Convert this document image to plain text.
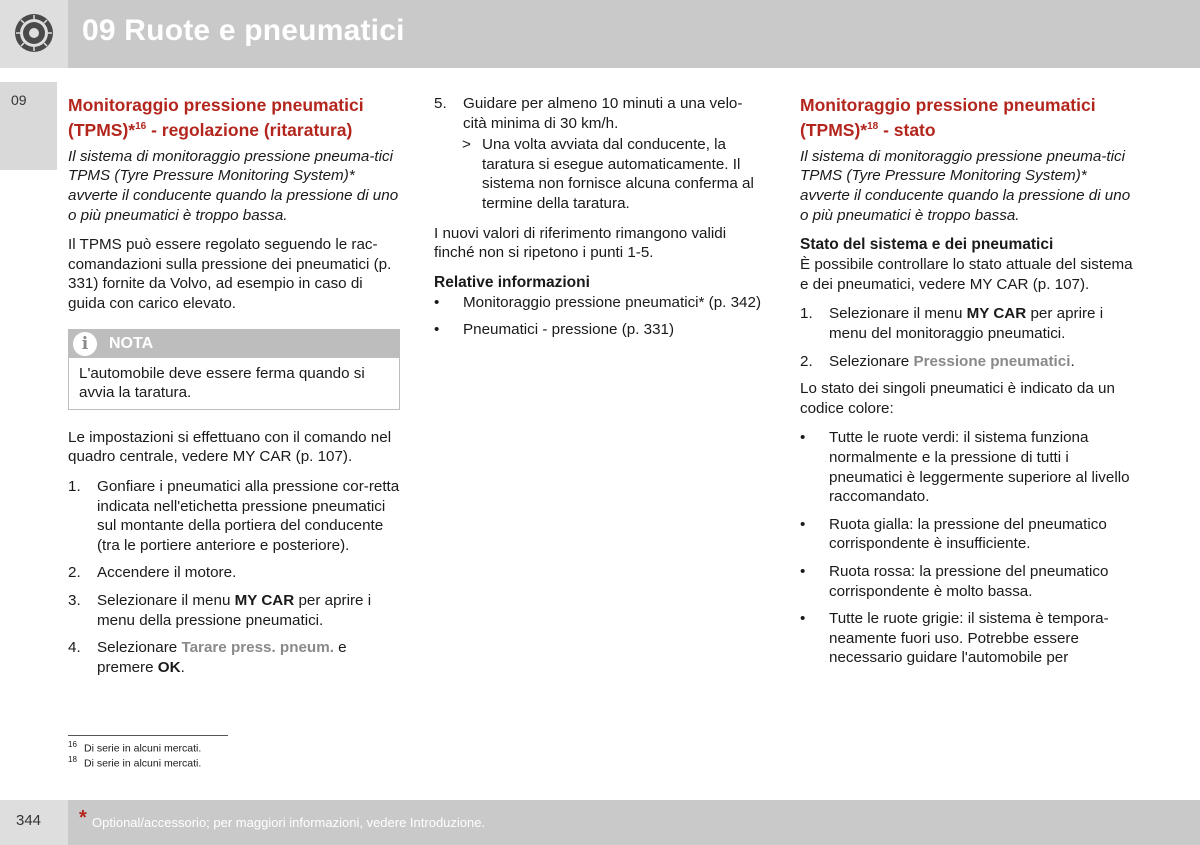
09 Ruote e pneumatici
09 Monitoraggio pressione pneumatici (TPMS)*$^{16}$ - regolazione (ritaratura)

Il sistema di monitoraggio pressione pneuma-tici TPMS (Tyre Pressure Monitoring System)* avverte il conducente quando la pressione di uno o più pneumatici è troppo bassa.

Il TPMS può essere regolato seguendo le rac-comandazioni sulla pressione dei pneumatici (p. 331) fornite da Volvo, ad esempio in caso di guida con carico elevato.

i	NOTA
L'automobile deve essere ferma quando si avvia la taratura.

Le impostazioni si effettuano con il comando nel quadro centrale, vedere MY CAR (p. 107).

1. Gonfiare i pneumatici alla pressione cor-retta indicata nell'etichetta pressione pneumatici sul montante della portiera del conducente (tra le portiere anteriore e posteriore).
2. Accendere il motore.
3. Selezionare il menu MY CAR per aprire i menu della pressione pneumatici.
4. Selezionare Tarare press. pneum. e premere OK.
5. Guidare per almeno 10 minuti a una velo-cità minima di 30 km/h.
> Una volta avviata dal conducente, la taratura si esegue automaticamente. Il sistema non fornisce alcuna conferma al termine della taratura.

I nuovi valori di riferimento rimangono validi finché non si ripetono i punti 1-5.

Relative informazioni
• Monitoraggio pressione pneumatici* (p. 342)
• Pneumatici - pressione (p. 331)
Monitoraggio pressione pneumatici (TPMS)*$^{18}$ - stato

Il sistema di monitoraggio pressione pneuma-tici TPMS (Tyre Pressure Monitoring System)* avverte il conducente quando la pressione di uno o più pneumatici è troppo bassa.

Stato del sistema e dei pneumatici

È possibile controllare lo stato attuale del sistema e dei pneumatici, vedere MY CAR (p. 107).

1. Selezionare il menu MY CAR per aprire i menu del monitoraggio pneumatici.
2. Selezionare Pressione pneumatici.

Lo stato dei singoli pneumatici è indicato da un codice colore:

• Tutte le ruote verdi: il sistema funziona normalmente e la pressione di tutti i pneumatici è leggermente superiore al livello raccomandato.
• Ruota gialla: la pressione del pneumatico corrispondente è insufficiente.
• Ruota rossa: la pressione del pneumatico corrispondente è molto bassa.
• Tutte le ruote grigie: il sistema è tempora-neamente fuori uso. Potrebbe essere necessario guidare l'automobile per
$^{16}$ Di serie in alcuni mercati.
$^{18}$ Di serie in alcuni mercati.
344 * Optional/accessorio; per maggiori informazioni, vedere Introduzione.
